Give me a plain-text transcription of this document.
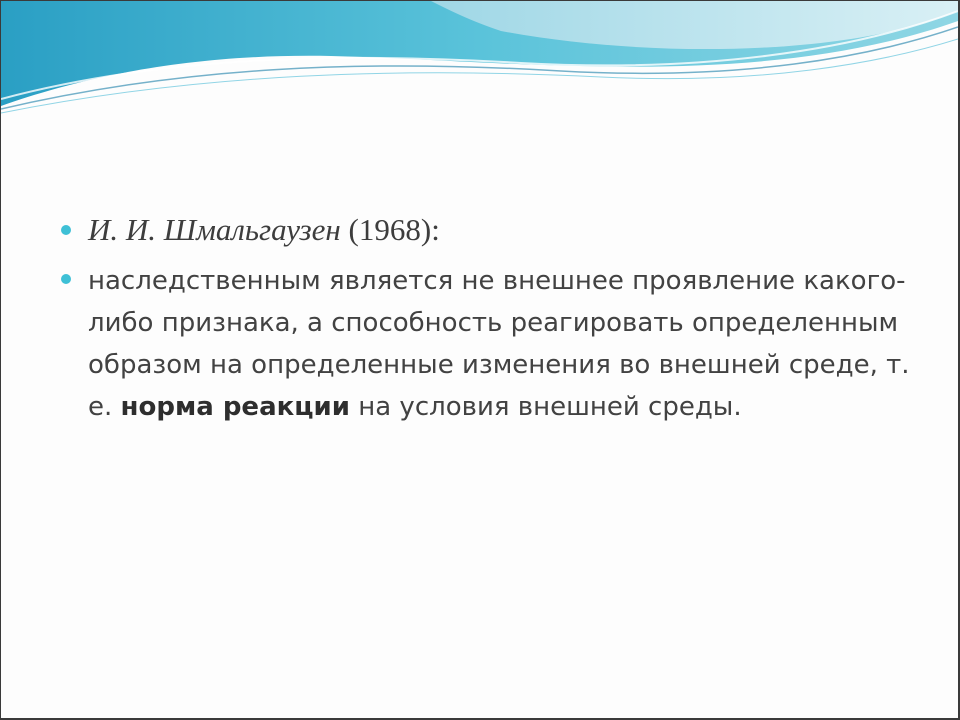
И. И. Шмальгаузен (1968):
наследственным является не внешнее проявление какого-либо признака, а способность реагировать определенным образом на определенные изменения во внешней среде, т. е. норма реакции на условия внешней среды.
